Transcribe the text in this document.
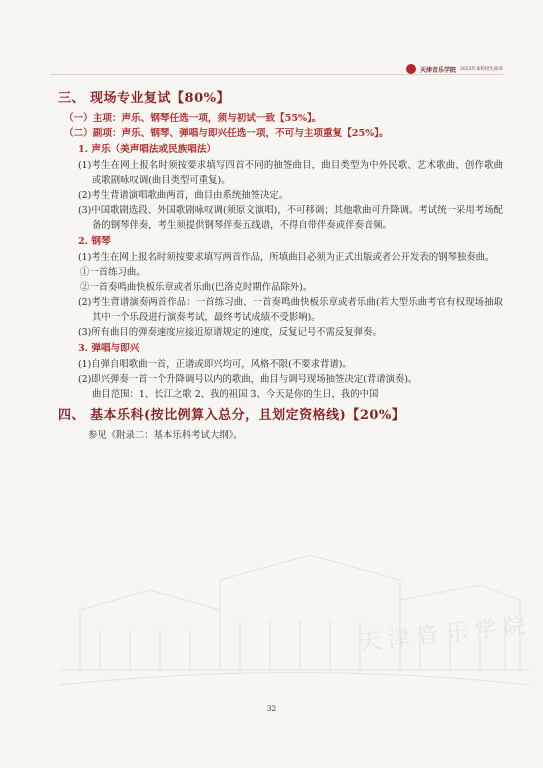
天 津 音 乐 学 院
天津音乐学院 2023年本科招生简章

三、 现场专业复试【80%】

（一）主项：声乐、钢琴任选一项，须与初试一致【55%】。

（二）副项：声乐、钢琴、弹唱与即兴任选一项，不可与主项重复【25%】。

1. 声乐（美声唱法或民族唱法）

(1)考生在网上报名时须按要求填写四首不同的抽签曲目，曲目类型为中外民歌、艺术歌曲、创作歌曲或歌剧咏叹调(曲目类型可重复)。

(2)考生背谱演唱歌曲两首，曲目由系统抽签决定。

(3)中国歌剧选段、外国歌剧咏叹调(须原文演唱)，不可移调；其他歌曲可升降调。考试统一采用考场配备的钢琴伴奏，考生须提供钢琴伴奏五线谱，不得自带伴奏或伴奏音频。

2. 钢琴

(1)考生在网上报名时须按要求填写两首作品，所填曲目必须为正式出版或者公开发表的钢琴独奏曲。

①一首练习曲。

②一首奏鸣曲快板乐章或者乐曲(巴洛克时期作品除外)。

(2)考生背谱演奏两首作品：一首练习曲、一首奏鸣曲快板乐章或者乐曲(若大型乐曲考官有权现场抽取其中一个乐段进行演奏考试，最终考试成绩不受影响)。

(3)所有曲目的弹奏速度应接近原谱规定的速度，反复记号不需反复弹奏。

3. 弹唱与即兴

(1)自弹自唱歌曲一首，正谱或即兴均可，风格不限(不要求背谱)。

(2)即兴弹奏一首一个升降调号以内的歌曲，曲目与调号现场抽签决定(背谱演奏)。

曲目范围：1、长江之歌 2、我的祖国 3、今天是你的生日，我的中国

四、 基本乐科(按比例算入总分，且划定资格线)【20%】

参见《附录二：基本乐科考试大纲》。

32
